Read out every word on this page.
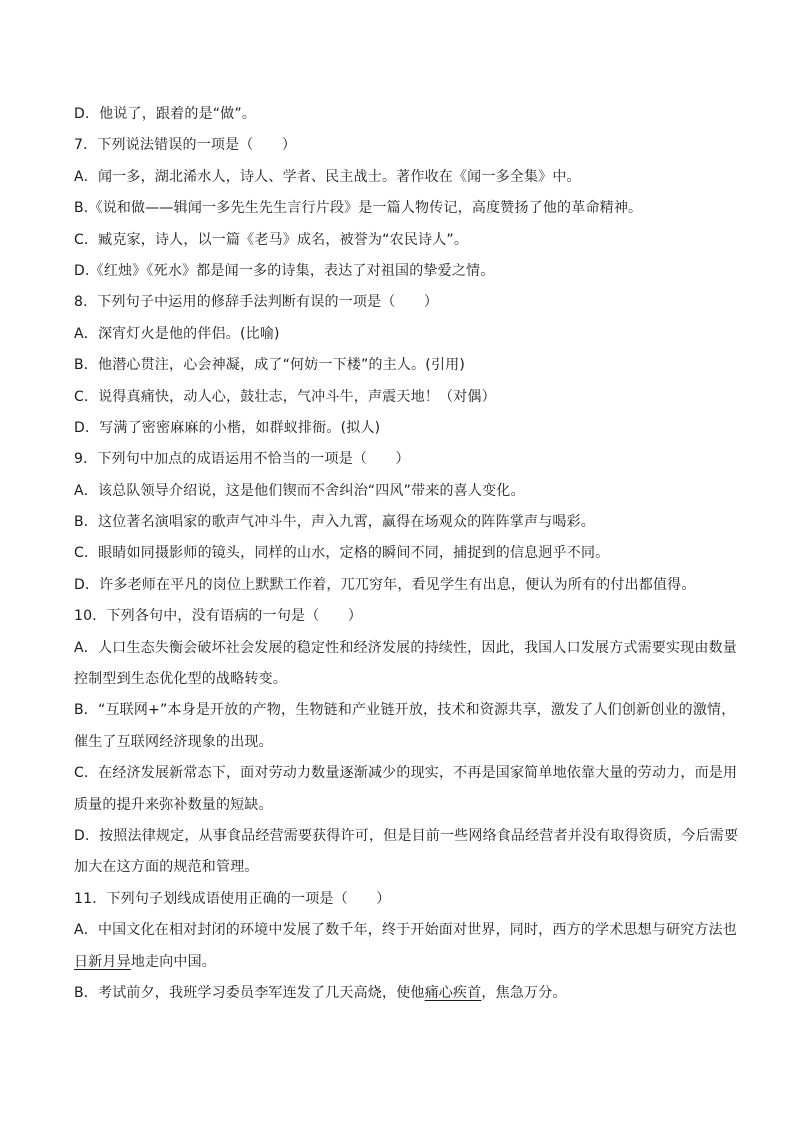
D．他说了，跟着的是“做”。
7．下列说法错误的一项是（　　）
A．闻一多，湖北浠水人，诗人、学者、民主战士。著作收在《闻一多全集》中。
B.《说和做——辑闻一多先生先生言行片段》是一篇人物传记，高度赞扬了他的革命精神。
C．臧克家，诗人，以一篇《老马》成名，被誉为“农民诗人”。
D.《红烛》《死水》都是闻一多的诗集，表达了对祖国的挚爱之情。
8．下列句子中运用的修辞手法判断有误的一项是（　　）
A．深宵灯火是他的伴侣。(比喻)
B．他潜心贯注，心会神凝，成了“何妨一下楼”的主人。(引用)
C．说得真痛快，动人心，鼓壮志，气冲斗牛，声震天地！（对偶）
D．写满了密密麻麻的小楷，如群蚁排衙。(拟人)
9．下列句中加点的成语运用不恰当的一项是（　　）
A．该总队领导介绍说，这是他们锲而不舍纠治“四风”带来的喜人变化。
B．这位著名演唱家的歌声气冲斗牛，声入九霄，赢得在场观众的阵阵掌声与喝彩。
C．眼睛如同摄影师的镜头，同样的山水，定格的瞬间不同，捕捉到的信息迥乎不同。
D．许多老师在平凡的岗位上默默工作着，兀兀穷年，看见学生有出息，便认为所有的付出都值得。
10．下列各句中，没有语病的一句是（　　）
A．人口生态失衡会破坏社会发展的稳定性和经济发展的持续性，因此，我国人口发展方式需要实现由数量
控制型到生态优化型的战略转变。
B．“互联网+”本身是开放的产物，生物链和产业链开放，技术和资源共享，激发了人们创新创业的激情，
催生了互联网经济现象的出现。
C．在经济发展新常态下，面对劳动力数量逐渐减少的现实，不再是国家简单地依靠大量的劳动力，而是用
质量的提升来弥补数量的短缺。
D．按照法律规定，从事食品经营需要获得许可，但是目前一些网络食品经营者并没有取得资质，今后需要
加大在这方面的规范和管理。
11．下列句子划线成语使用正确的一项是（　　）
A．中国文化在相对封闭的环境中发展了数千年，终于开始面对世界，同时，西方的学术思想与研究方法也
日新月异地走向中国。
B．考试前夕，我班学习委员李军连发了几天高烧，使他痛心疾首，焦急万分。
